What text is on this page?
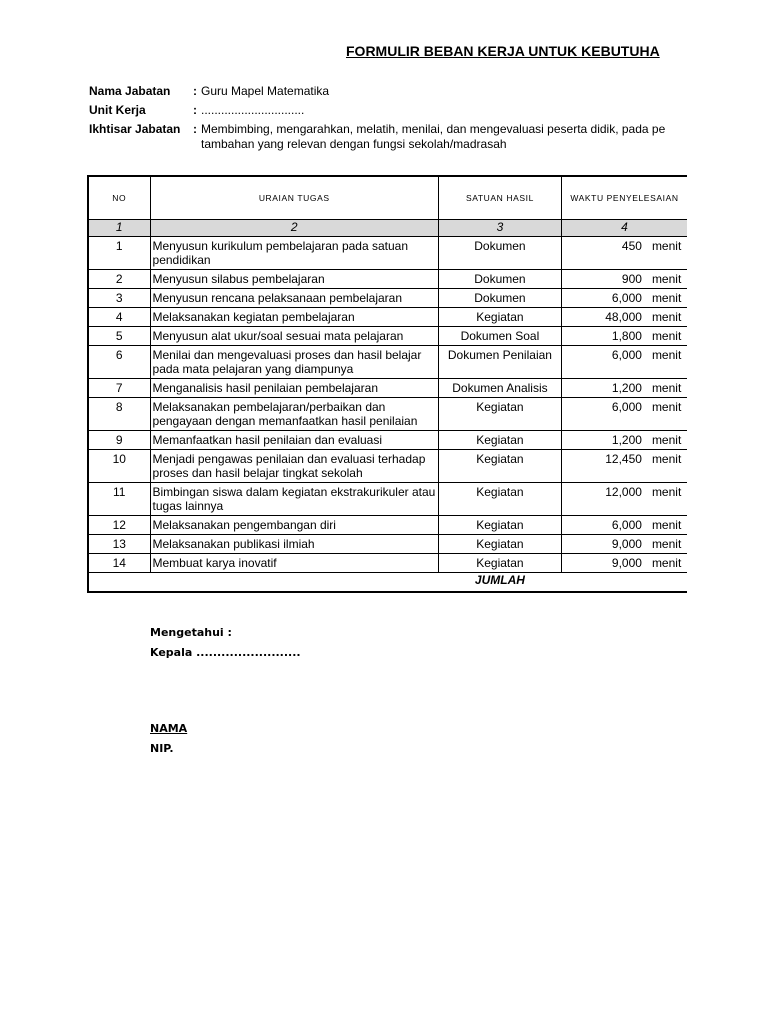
FORMULIR BEBAN KERJA UNTUK KEBUTUHA
Nama Jabatan	: Guru Mapel Matematika
Unit Kerja	: ...............................
Ikhtisar Jabatan	: Membimbing, mengarahkan, melatih, menilai, dan mengevaluasi peserta didik, pada pe
tambahan yang relevan dengan fungsi sekolah/madrasah
NO	URAIAN TUGAS	SATUAN HASIL	WAKTU PENYELESAIAN
1	2	3	4
1	Menyusun kurikulum pembelajaran pada satuan pendidikan	Dokumen	450 menit

2	Menyusun silabus pembelajaran	Dokumen	900 menit

3	Menyusun rencana pelaksanaan pembelajaran	Dokumen	6,000 menit

4	Melaksanakan kegiatan pembelajaran	Kegiatan	48,000 menit

5	Menyusun alat ukur/soal sesuai mata pelajaran	Dokumen Soal	1,800 menit

6	Menilai dan mengevaluasi proses dan hasil belajar pada mata pelajaran yang diampunya	Dokumen Penilaian	6,000 menit

7	Menganalisis hasil penilaian pembelajaran	Dokumen Analisis	1,200 menit

8	Melaksanakan pembelajaran/perbaikan dan pengayaan dengan memanfaatkan hasil penilaian	Kegiatan	6,000 menit

9	Memanfaatkan hasil penilaian dan evaluasi	Kegiatan	1,200 menit

10	Menjadi pengawas penilaian dan evaluasi terhadap proses dan hasil belajar tingkat sekolah	Kegiatan	12,450 menit

11	Bimbingan siswa dalam kegiatan ekstrakurikuler atau tugas lainnya	Kegiatan	12,000 menit

12	Melaksanakan pengembangan diri	Kegiatan	6,000 menit

13	Melaksanakan publikasi ilmiah	Kegiatan	9,000 menit

14	Membuat karya inovatif	Kegiatan	9,000 menit

		JUMLAH	
Mengetahui :
Kepala .........................
NAMA
NIP.
